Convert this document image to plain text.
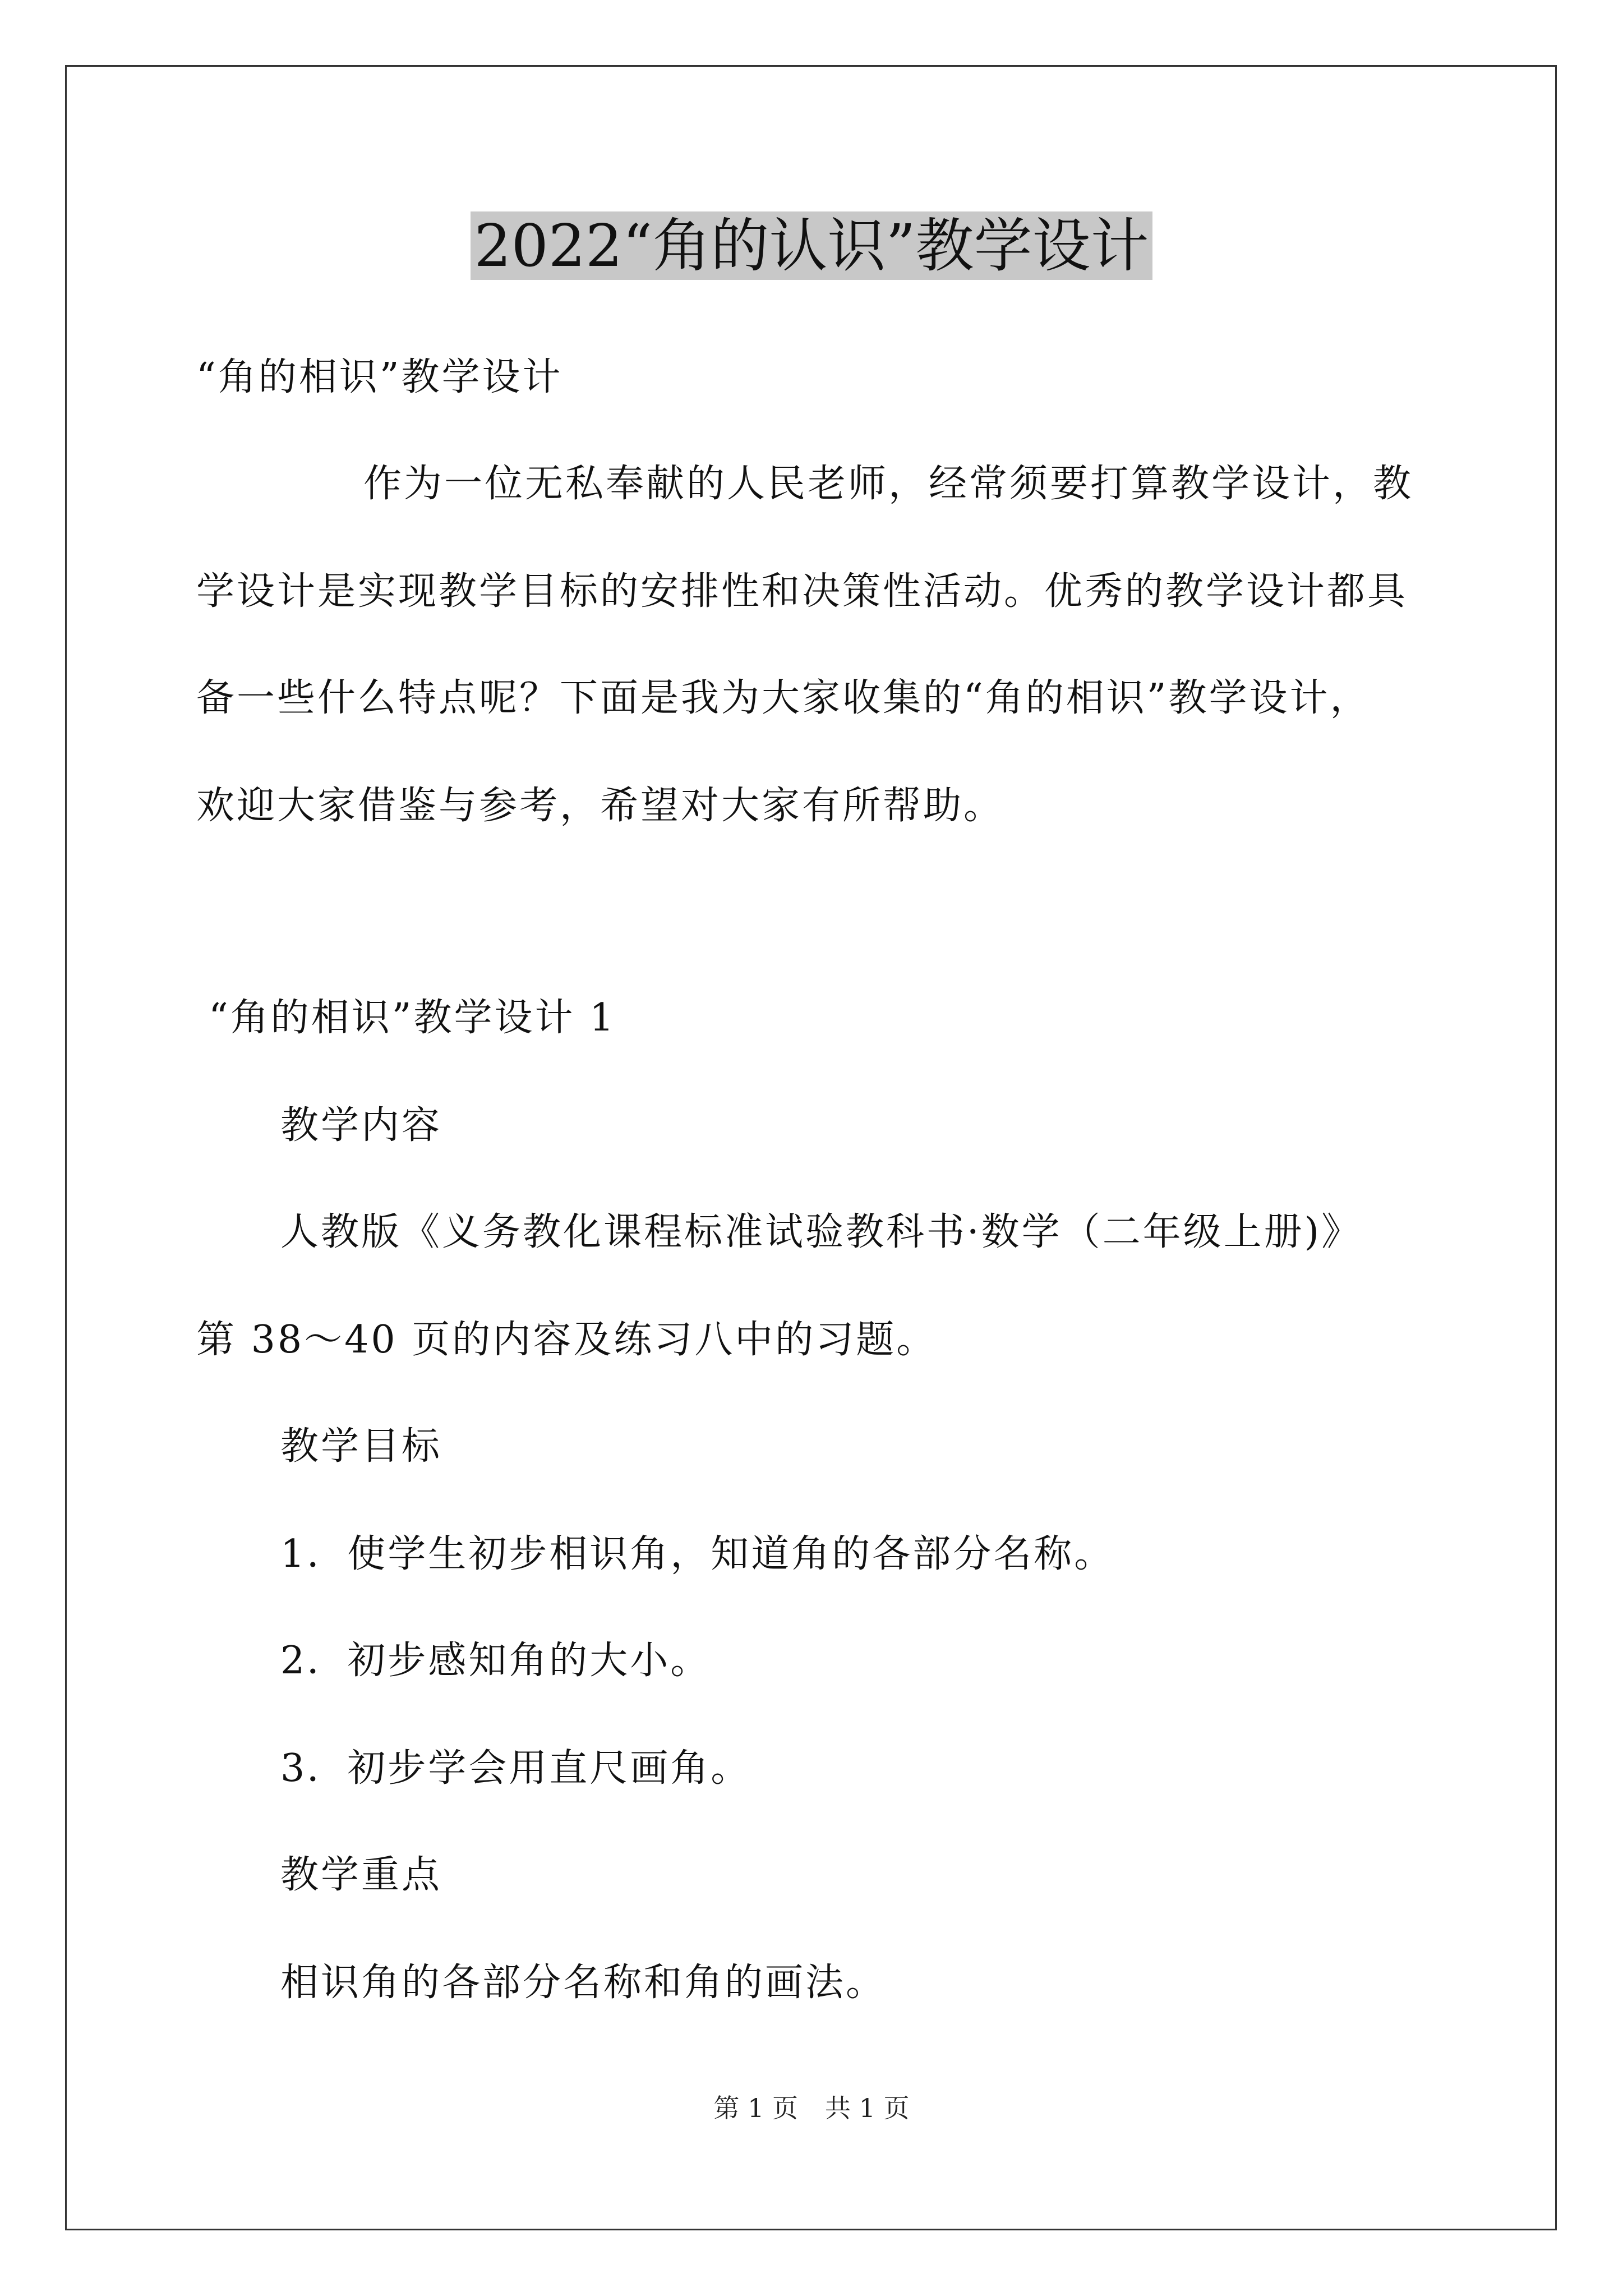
2022“角的认识”教学设计
“角的相识”教学设计
作为一位无私奉献的人民老师，经常须要打算教学设计，教
学设计是实现教学目标的安排性和决策性活动。优秀的教学设计都具
备一些什么特点呢？下面是我为大家收集的“角的相识”教学设计，
欢迎大家借鉴与参考，希望对大家有所帮助。
“角的相识”教学设计 1
教学内容
人教版《义务教化课程标准试验教科书·数学（二年级上册)》
第 38～40 页的内容及练习八中的习题。
教学目标
1．使学生初步相识角，知道角的各部分名称。
2．初步感知角的大小。
3．初步学会用直尺画角。
教学重点
相识角的各部分名称和角的画法。
第 1 页 共 1 页
